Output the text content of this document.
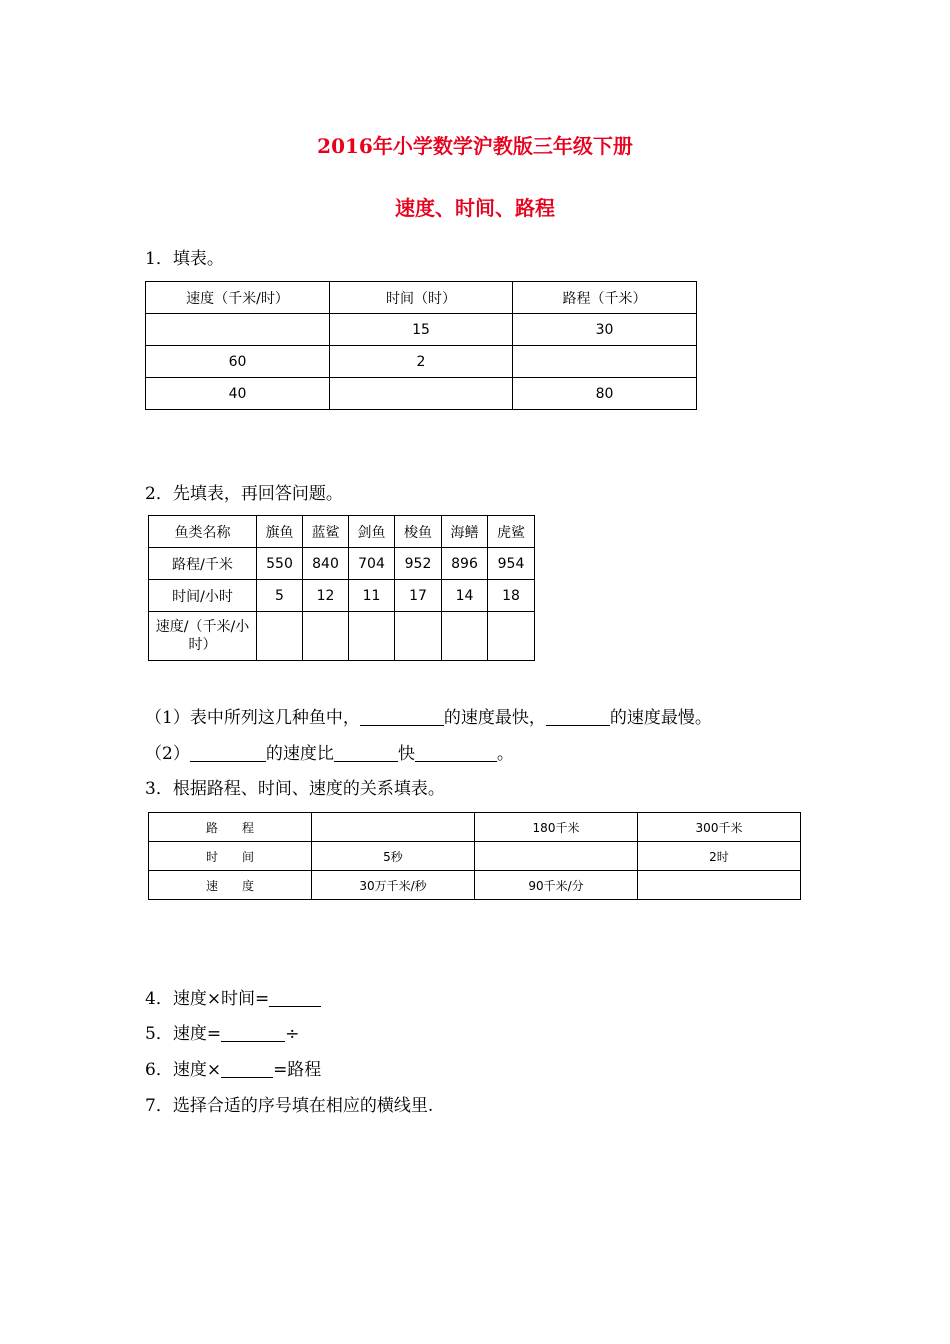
2016年小学数学沪教版三年级下册
速度、时间、路程
1．填表。
速度（千米/时）	时间（时）	路程（千米）
	15	30
60	2	
40		80
2．先填表，再回答问题。
鱼类名称	旗鱼	蓝鲨	剑鱼	梭鱼	海鳝	虎鲨
路程/千米	550	840	704	952	896	954
时间/小时	5	12	11	17	14	18
速度/（千米/小时）						
（1）表中所列这几种鱼中，	的速度最快，	的速度最慢。
（2）	的速度比	快	。
3．根据路程、时间、速度的关系填表。
路　　程		180千米	300千米
时　　间	5秒		2时
速　　度	30万千米/秒	90千米/分	
4．速度×时间=
5．速度=	÷
6．速度×	=路程
7．选择合适的序号填在相应的横线里.
